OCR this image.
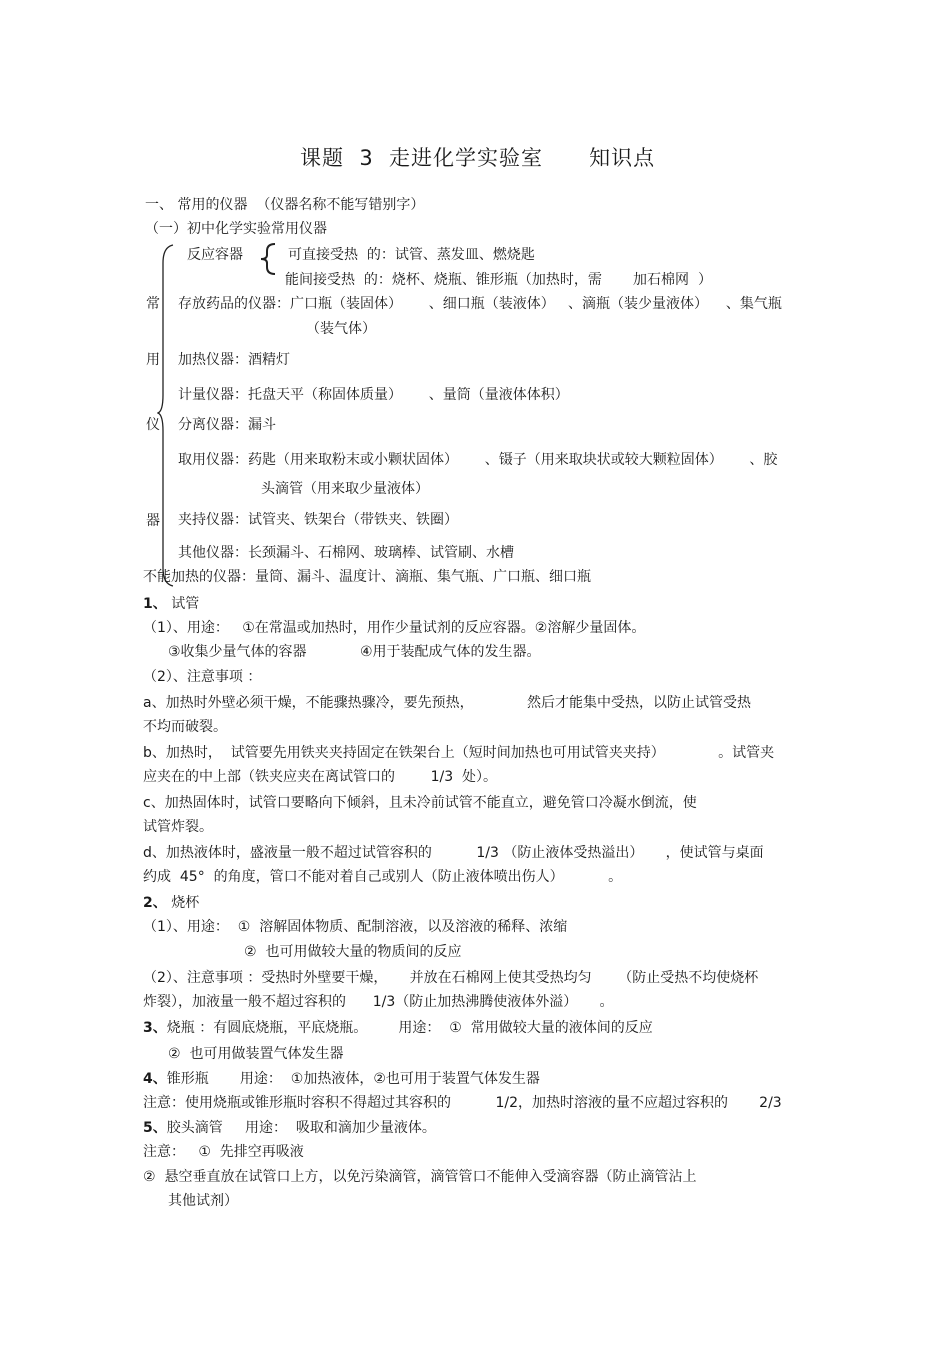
课题  3  走进化学实验室      知识点
一、 常用的仪器  （仪器名称不能写错别字）
（一）初中化学实验常用仪器
常
用
仪
器
反应容器	可直接受热  的：试管、蒸发皿、燃烧匙
能间接受热  的：烧杯、烧瓶、锥形瓶（加热时，需       加石棉网  ）
存放药品的仪器：广口瓶（装固体）      、细口瓶（装液体）   、滴瓶（装少量液体）    、集气瓶
（装气体）
加热仪器：酒精灯
计量仪器：托盘天平（称固体质量）      、量筒（量液体体积）
分离仪器：漏斗
取用仪器：药匙（用来取粉末或小颗状固体）      、镊子（用来取块状或较大颗粒固体）      、胶
头滴管（用来取少量液体）
夹持仪器：试管夹、铁架台（带铁夹、铁圈）
其他仪器：长颈漏斗、石棉网、玻璃棒、试管刷、水槽
不能加热的仪器：量筒、漏斗、温度计、滴瓶、集气瓶、广口瓶、细口瓶
1、 试管
（1）、用途：   ①在常温或加热时，用作少量试剂的反应容器。②溶解少量固体。
③收集少量气体的容器            ④用于装配成气体的发生器。
（2）、注意事项 ：
a、加热时外壁必须干燥，不能骤热骤冷，要先预热，            然后才能集中受热，以防止试管受热
不均而破裂。
b、加热时，  试管要先用铁夹夹持固定在铁架台上（短时间加热也可用试管夹夹持）            。试管夹
应夹在的中上部（铁夹应夹在离试管口的        1/3  处）。
c、加热固体时，试管口要略向下倾斜，且未冷前试管不能直立，避免管口冷凝水倒流，使
试管炸裂。
d、加热液体时，盛液量一般不超过试管容积的          1/3 （防止液体受热溢出）     ，使试管与桌面
约成  45°  的角度，管口不能对着自己或别人（防止液体喷出伤人）          。
2、 烧杯
（1）、用途：  ①  溶解固体物质、配制溶液，以及溶液的稀释、浓缩
②  也可用做较大量的物质间的反应
（2）、注意事项 ：受热时外壁要干燥，     并放在石棉网上使其受热均匀      （防止受热不均使烧杯
炸裂），加液量一般不超过容积的      1/3（防止加热沸腾使液体外溢）     。
3、烧瓶 ：有圆底烧瓶，平底烧瓶。       用途：  ①  常用做较大量的液体间的反应
②  也可用做装置气体发生器
4、锥形瓶       用途：  ①加热液体，②也可用于装置气体发生器
注意：使用烧瓶或锥形瓶时容积不得超过其容积的          1/2，加热时溶液的量不应超过容积的       2/3
5、胶头滴管     用途：  吸取和滴加少量液体。
注意：   ①  先排空再吸液
②  悬空垂直放在试管口上方，以免污染滴管，滴管管口不能伸入受滴容器（防止滴管沾上
其他试剂）
